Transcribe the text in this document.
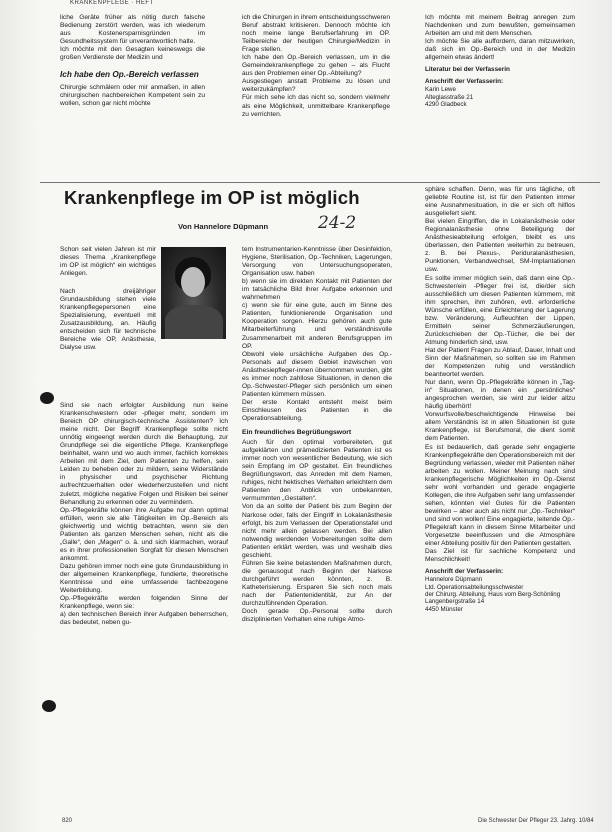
KRANKENPFLEGE · HEFT

liche Geräte früher als nötig durch falsche Bedienung zerstört werden, was ich wiederum aus Kostenersparnisgründen im Gesundheitssystem für unverantwortlich halte.

Ich möchte mit den Gesagten keineswegs die großen Verdienste der Medizin und

Ich habe den Op.-Bereich verlassen

Chirurgie schmälern oder mir anmaßen, in allen chirurgischen nachbereichen Kompetent sein zu wollen, schon gar nicht möchte

ich die Chirurgen in ihrem entscheidungsschweren Beruf abstrakt kritisieren. Dennoch möchte ich noch meine lange Berufserfahrung im OP. Teilbereiche der heutigen Chirurgie/Medizin in Frage stellen.

Ich habe den Op.-Bereich verlassen, um in die Gemeindekrankenpflege zu gehen – als Flucht aus den Problemen einer Op.-Abteilung?

Ausgestiegen anstatt Probleme zu lösen und weiterzukämpfen?

Für mich sehe ich das nicht so, sondern vielmehr als eine Möglichkeit, unmittelbare Krankenpflege zu verrichten.

Ich möchte mit meinem Beitrag anregen zum Nachdenken und zum bewußten, gemeinsamen Arbeiten am und mit dem Menschen.

Ich möchte Sie alle auffordern, daran mitzuwirken, daß sich im Op.-Bereich und in der Medizin allgemein etwas ändert!

Literatur bei der Verfasserin
Anschrift der Verfasserin:
Karin Lewe
Alteglasstraße 21
4290 Gladbeck
Krankenpflege im OP ist möglich
Von Hannelore Düpmann	24-2

Schon seit vielen Jahren ist mir dieses Thema „Krankenpflege im OP ist möglich“ ein wichtiges Anliegen.

Nach dreijähriger Grundausbildung stehen viele Krankenpflegepersonen eine Spezialisierung, eventuell mit Zusatzausbildung, an. Häufig entscheiden sich für technische Bereiche wie OP, Anästhesie, Dialyse usw.

Sind sie nach erfolgter Ausbildung nun keine Krankenschwestern oder -pfleger mehr, sondern im Bereich OP chirurgisch-technische Assistenten? Ich meine nicht. Der Begriff Krankenpflege sollte nicht unnötig eingeengt werden durch die Behauptung, zur Grundpflege sei die eigentliche Pflege. Krankenpflege beinhaltet, wann und wo auch immer, fachlich korrektes Arbeiten mit dem Ziel, dem Patienten zu helfen, sein Leiden zu beheben oder zu mildern, seine Widerstände in physischer und psychischer Richtung aufrechtzuerhalten oder wiederherzustellen und nicht zuletzt, mögliche negative Folgen und Risiken bei seiner Behandlung zu erkennen oder zu vermindern.

Op.-Pflegekräfte können ihre Aufgabe nur dann optimal erfüllen, wenn sie alle Tätigkeiten im Op.-Bereich als gleichwertig und wichtig betrachten, wenn sie den Patienten als ganzen Menschen sehen, nicht als die „Galle“, den „Magen“ o. ä. und sich klarmachen, worauf es in ihrer professionellen Sorgfalt für diesen Menschen ankommt.

Dazu gehören immer noch eine gute Grundausbildung in der allgemeinen Krankenpflege, fundierte, theoretische Kenntnisse und eine umfassende fachbezogene Weiterbildung.

Op.-Pflegekräfte werden folgenden Sinne der Krankenpflege, wenn sie:

a) den technischen Bereich ihrer Aufgaben beherrschen, das bedeutet, neben gu-

tem Instrumentarien-Kenntnisse über Desinfektion, Hygiene, Sterilisation, Op.-Techniken, Lagerungen, Versorgung von Untersuchungsoperaten, Organisation usw. haben

b) wenn sie im direkten Kontakt mit Patienten der im tatsächliche Bild ihrer Aufgabe erkennen und wahrnehmen

c) wenn sie für eine gute, auch im Sinne des Patienten, funktionierende Organisation und Kooperation sorgen. Hierzu gehören auch gute Mitarbeiterführung und verständnisvolle Zusammenarbeit mit anderen Berufsgruppen im OP.

Obwohl viele ursächliche Aufgaben des Op.-Personals auf diesem Gebiet inzwischen von Anästhesiepfleger-innen übernommen wurden, gibt es immer noch zahllose Situationen, in denen die Op.-Schwester/-Pfleger sich persönlich um einen Patienten kümmern müssen.

Der erste Kontakt entsteht meist beim Einschleusen des Patienten in die Operationsabteilung.

Ein freundliches Begrüßungswort

Auch für den optimal vorbereiteten, gut aufgeklärten und prämedizierten Patienten ist es immer noch von wesentlicher Bedeutung, wie sich sein Empfang im OP gestaltet. Ein freundliches Begrüßungswort, das Anreden mit dem Namen, ruhiges, nicht hektisches Verhalten erleichtern dem Patienten den Anblick von unbekannten, vermummten „Gestalten“.

Von da an sollte der Patient bis zum Beginn der Narkose oder, falls der Eingriff in Lokalanästhesie erfolgt, bis zum Verlassen der Operationstafel und nicht mehr allein gelassen werden. Bei allen notwendig werdenden Vorbereitungen sollte dem Patienten erklärt werden, was und weshalb dies geschieht.

Führen Sie keine belastenden Maßnahmen durch, die genausogut nach Beginn der Narkose durchgeführt werden könnten, z. B. Katheterisierung. Ersparen Sie sich noch mals nach der Patientenidentität, zur An der durchzuführenden Operation.

Doch gerade Op.-Personal sollte durch disziplinierten Verhalten eine ruhige Atmo-

sphäre schaffen. Denn, was für uns tägliche, oft geliebte Routine ist, ist für den Patienten immer eine Ausnahmesituation, in die er sich oft hilflos ausgeliefert sieht.

Bei vielen Eingriffen, die in Lokalanästhesie oder Regionalanästhesie ohne Beteiligung der Anästhesieabteilung erfolgen, bleibt es uns überlassen, den Patienten weiterhin zu betreuen, z. B. bei Plexus-, Periduralanästhesien, Punktionen, Verbandwechsel, SM-Implantationen usw.

Es sollte immer möglich sein, daß dann eine Op.-Schwester/ein -Pfleger frei ist, die/der sich ausschließlich um diesen Patienten kümmern, mit ihm sprechen, ihm zuhören, evtl. erforderliche Wünsche erfüllen, eine Erleichterung der Lagerung bzw. Veränderung, Aufleuchten der Lippen, Ermitteln seiner Schmerzäußerungen, Zurückschieben der Op.-Tücher, die bei der Atmung hinderlich sind, usw.

Hat der Patient Fragen zu Ablauf, Dauer, Inhalt und Sinn der Maßnahmen, so sollten sie im Rahmen der Kompetenzen ruhig und verständlich beantwortet werden.

Nur dann, wenn Op.-Pflegekräfte können in „Tag-in“ Situationen, in denen ein „persönliches“ angesprochen werden, sie wird zur leider allzu häufig überhört!

Vorwurfsvolle/beschwichtigende Hinweise bei allem Verständnis ist in allen Situationen ist gute Krankenpflege, ist Berufsmoral, die dient somit dem Patienten.

Es ist bedauerlich, daß gerade sehr engagierte Krankenpflegekräfte den Operationsbereich mit der Begründung verlassen, wieder mit Patienten näher arbeiten zu wollen. Meiner Meinung nach sind krankenpflegerische Möglichkeiten im Op.-Dienst sehr wohl vorhanden und gerade engagierte Kollegen, die ihre Aufgaben sehr lang umfassender sehen, könnten viel Gutes für die Patienten bewirken – aber auch als nicht nur „Op.-Techniker“ und sind von wollen! Eine engagierte, leitende Op.-Pflegekraft kann in diesem Sinne Mitarbeiter und Vorgesetzte beeinflussen und die Atmosphäre einer Abteilung positiv für den Patienten gestalten.

Das Ziel ist für sachliche Kompetenz und Menschlichkeit!

Anschrift der Verfasserin:
Hannelore Düpmann
Ltd. Operationsabteilungsschwester
der Chirurg. Abteilung, Haus vom Berg-Schönling
Langenbergstraße 14
4450 Münster
820	Die Schwester Der Pfleger 23. Jahrg. 10/84
